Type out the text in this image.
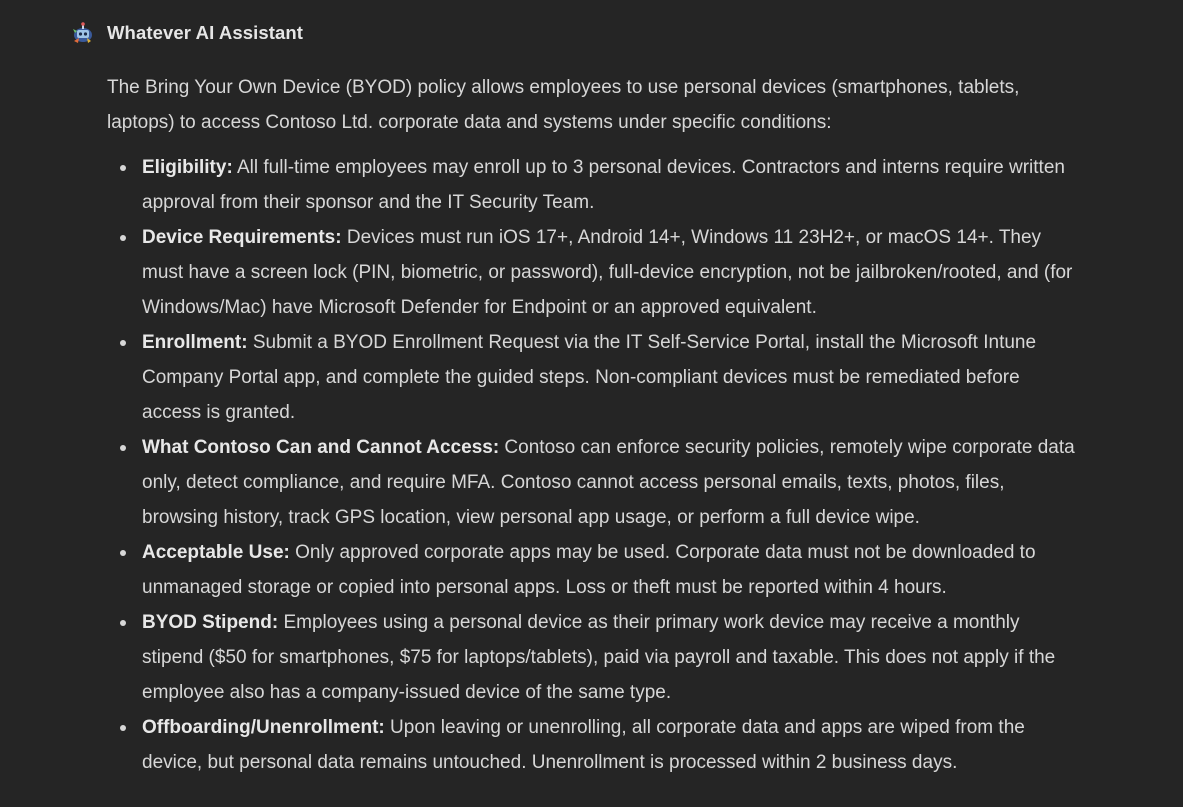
Whatever AI Assistant

The Bring Your Own Device (BYOD) policy allows employees to use personal devices (smartphones, tablets, laptops) to access Contoso Ltd. corporate data and systems under specific conditions:

Eligibility: All full-time employees may enroll up to 3 personal devices. Contractors and interns require written approval from their sponsor and the IT Security Team.
Device Requirements: Devices must run iOS 17+, Android 14+, Windows 11 23H2+, or macOS 14+. They must have a screen lock (PIN, biometric, or password), full-device encryption, not be jailbroken/rooted, and (for Windows/Mac) have Microsoft Defender for Endpoint or an approved equivalent.
Enrollment: Submit a BYOD Enrollment Request via the IT Self-Service Portal, install the Microsoft Intune Company Portal app, and complete the guided steps. Non-compliant devices must be remediated before access is granted.
What Contoso Can and Cannot Access: Contoso can enforce security policies, remotely wipe corporate data only, detect compliance, and require MFA. Contoso cannot access personal emails, texts, photos, files, browsing history, track GPS location, view personal app usage, or perform a full device wipe.
Acceptable Use: Only approved corporate apps may be used. Corporate data must not be downloaded to unmanaged storage or copied into personal apps. Loss or theft must be reported within 4 hours.
BYOD Stipend: Employees using a personal device as their primary work device may receive a monthly stipend ($50 for smartphones, $75 for laptops/tablets), paid via payroll and taxable. This does not apply if the employee also has a company-issued device of the same type.
Offboarding/Unenrollment: Upon leaving or unenrolling, all corporate data and apps are wiped from the device, but personal data remains untouched. Unenrollment is processed within 2 business days.
